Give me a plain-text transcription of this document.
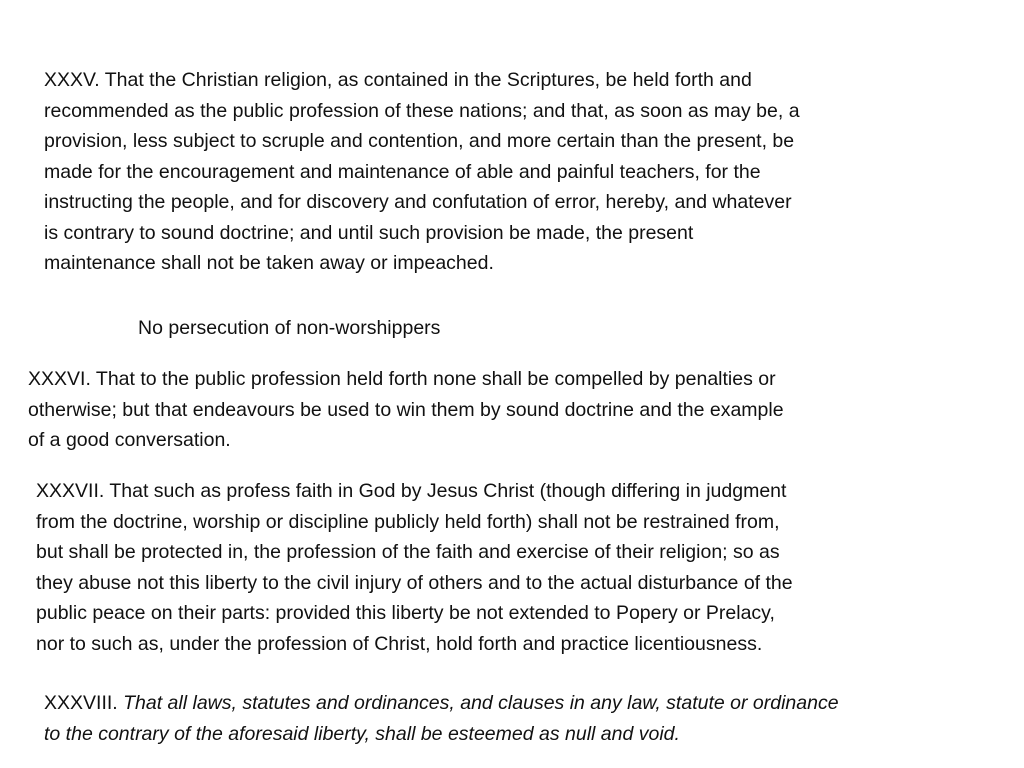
XXXV. That the Christian religion, as contained in the Scriptures, be held forth and
recommended as the public profession of these nations; and that, as soon as may be, a
provision, less subject to scruple and contention, and more certain than the present, be
made for the encouragement and maintenance of able and painful teachers, for the
instructing the people, and for discovery and confutation of error, hereby, and whatever
is contrary to sound doctrine; and until such provision be made, the present
maintenance shall not be taken away or impeached.

No persecution of non-worshippers

XXXVI. That to the public profession held forth none shall be compelled by penalties or
otherwise; but that endeavours be used to win them by sound doctrine and the example
of a good conversation.

XXXVII. That such as profess faith in God by Jesus Christ (though differing in judgment
from the doctrine, worship or discipline publicly held forth) shall not be restrained from,
but shall be protected in, the profession of the faith and exercise of their religion; so as
they abuse not this liberty to the civil injury of others and to the actual disturbance of the
public peace on their parts: provided this liberty be not extended to Popery or Prelacy,
nor to such as, under the profession of Christ, hold forth and practice licentiousness.

XXXVIII. That all laws, statutes and ordinances, and clauses in any law, statute or ordinance
to the contrary of the aforesaid liberty, shall be esteemed as null and void.
